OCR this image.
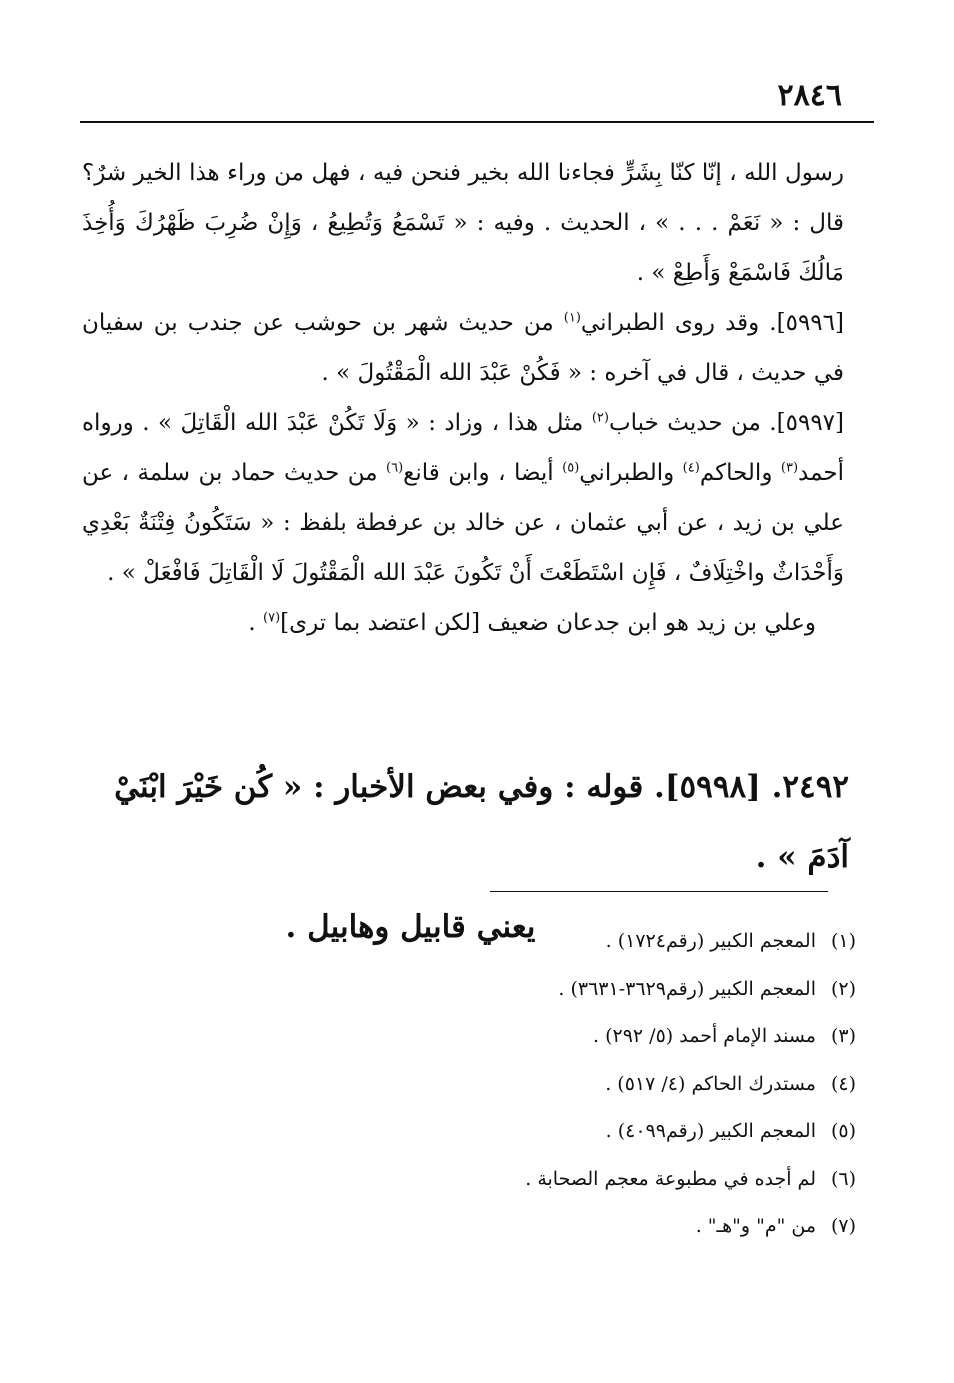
٢٨٤٦

رسول الله ، إنّا كنّا بِشَرٍّ فجاءنا الله بخير فنحن فيه ، فهل من وراء هذا الخير شرٌ؟ قال : « نَعَمْ . . . » ، الحديث . وفيه : « تَسْمَعُ وَتُطِيعُ ، وَإِنْ ضُرِبَ ظَهْرُكَ وَأُخِذَ مَالُكَ فَاسْمَعْ وَأَطِعْ » .

[٥٩٩٦]. وقد روى الطبراني$^{(١)}$ من حديث شهر بن حوشب عن جندب بن سفيان في حديث ، قال في آخره : « فَكُنْ عَبْدَ الله الْمَقْتُولَ » .

[٥٩٩٧]. من حديث خباب$^{(٢)}$ مثل هذا ، وزاد : « وَلَا تَكُنْ عَبْدَ الله الْقَاتِلَ » . ورواه أحمد$^{(٣)}$ والحاكم$^{(٤)}$ والطبراني$^{(٥)}$ أيضا ، وابن قانع$^{(٦)}$ من حديث حماد بن سلمة ، عن علي بن زيد ، عن أبي عثمان ، عن خالد بن عرفطة بلفظ : « سَتَكُونُ فِتْنَةٌ بَعْدِي وَأَحْدَاثٌ واخْتِلَافٌ ، فَإِن اسْتَطَعْتَ أَنْ تَكُونَ عَبْدَ الله الْمَقْتُولَ لَا الْقَاتِلَ فَافْعَلْ » .

وعلي بن زيد هو ابن جدعان ضعيف [لكن اعتضد بما ترى]$^{(٧)}$ .

٢٤٩٢. [٥٩٩٨]. قوله : وفي بعض الأخبار : « كُن خَيْرَ ابْنَيْ آدَمَ » .
يعني قابيل وهابيل .	(١)
المعجم الكبير (رقم١٧٢٤) .
(٢)
المعجم الكبير (رقم٣٦٢٩-٣٦٣١) .
(٣)
مسند الإمام أحمد (٥/ ٢٩٢) .
(٤)
مستدرك الحاكم (٤/ ٥١٧) .
(٥)
المعجم الكبير (رقم٤٠٩٩) .
(٦)
لم أجده في مطبوعة معجم الصحابة .
(٧)
من "م" و"هـ" .
